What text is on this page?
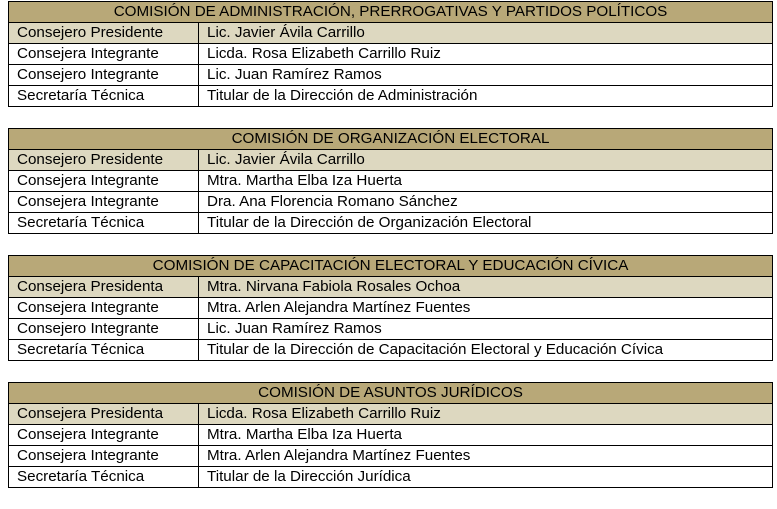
COMISIÓN DE ADMINISTRACIÓN, PRERROGATIVAS Y PARTIDOS POLÍTICOS	
Consejero Presidente	Lic. Javier Ávila Carrillo
Consejera Integrante	Licda. Rosa Elizabeth Carrillo Ruiz
Consejero Integrante	Lic. Juan Ramírez Ramos
Secretaría Técnica	Titular de la Dirección de Administración
COMISIÓN DE ORGANIZACIÓN ELECTORAL	
Consejero Presidente	Lic. Javier Ávila Carrillo
Consejera Integrante	Mtra. Martha Elba Iza Huerta
Consejera Integrante	Dra. Ana Florencia Romano Sánchez
Secretaría Técnica	Titular de la Dirección de Organización Electoral
COMISIÓN DE CAPACITACIÓN ELECTORAL Y EDUCACIÓN CÍVICA	
Consejera Presidenta	Mtra. Nirvana Fabiola Rosales Ochoa
Consejera Integrante	Mtra. Arlen Alejandra Martínez Fuentes
Consejero Integrante	Lic. Juan Ramírez Ramos
Secretaría Técnica	Titular de la Dirección de Capacitación Electoral y Educación Cívica
COMISIÓN DE ASUNTOS JURÍDICOS	
Consejera Presidenta	Licda. Rosa Elizabeth Carrillo Ruiz
Consejera Integrante	Mtra. Martha Elba Iza Huerta
Consejera Integrante	Mtra. Arlen Alejandra Martínez Fuentes
Secretaría Técnica	Titular de la Dirección Jurídica
